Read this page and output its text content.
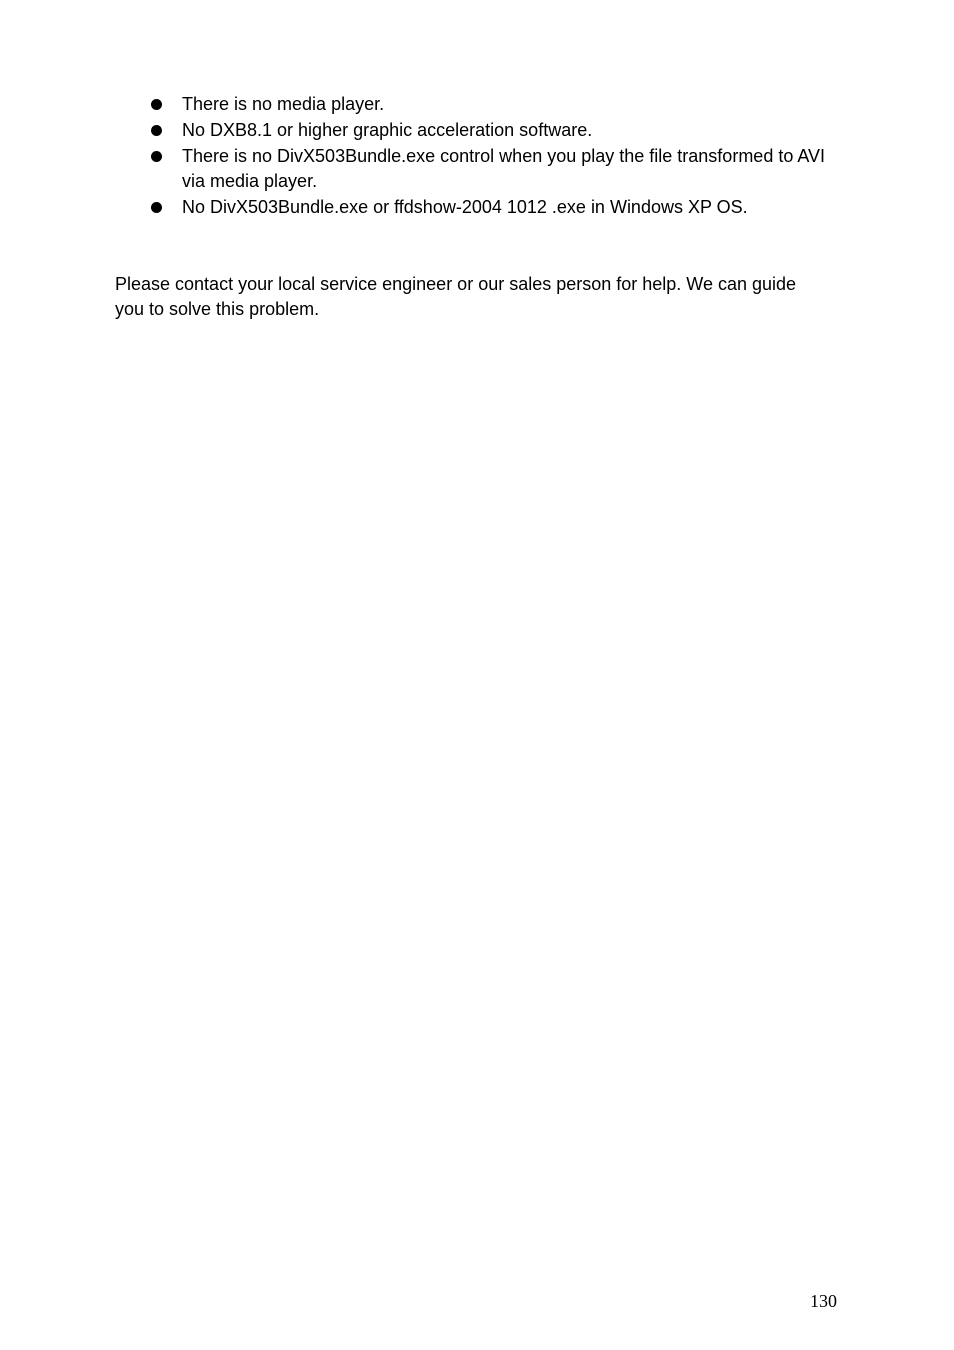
There is no media player.
No DXB8.1 or higher graphic acceleration software.
There is no DivX503Bundle.exe control when you play the file transformed to AVI via media player.
No DivX503Bundle.exe or ffdshow-2004 1012 .exe in Windows XP OS.

Please contact your local service engineer or our sales person for help. We can guide you to solve this problem.

130
